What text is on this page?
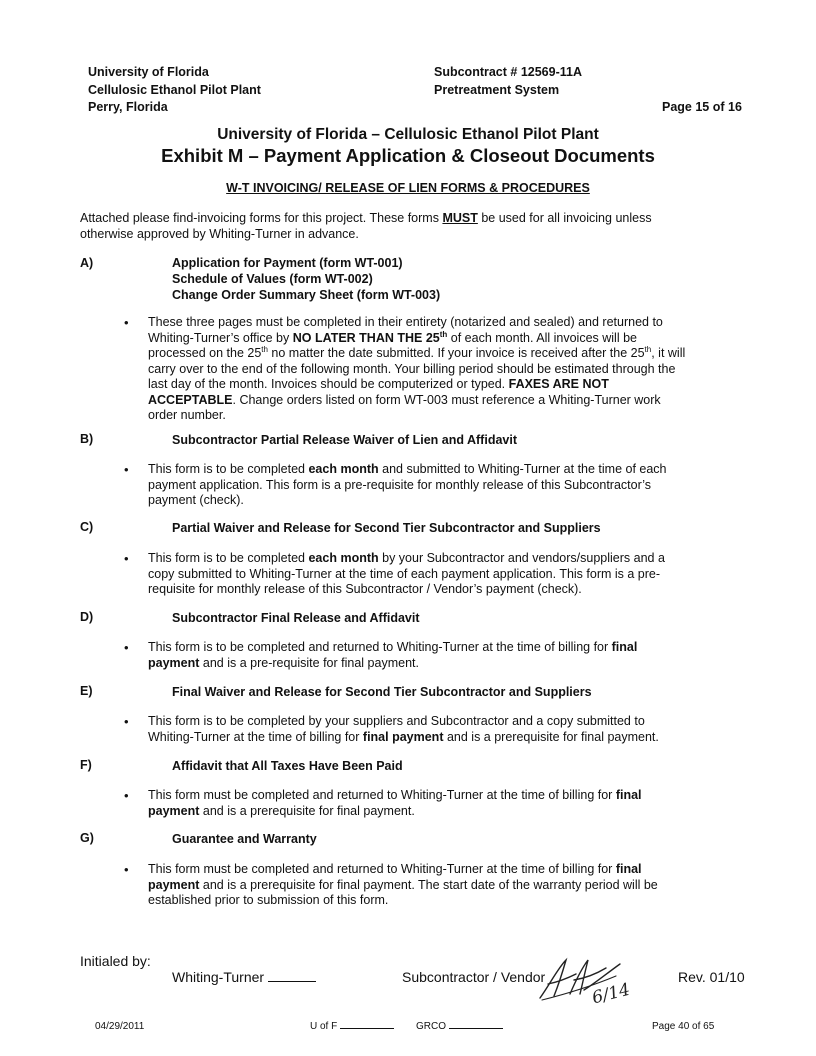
University of Florida
Cellulosic Ethanol Pilot Plant
Perry, Florida
Subcontract # 12569-11A
Pretreatment System
Page 15 of 16
University of Florida – Cellulosic Ethanol Pilot Plant
Exhibit M – Payment Application & Closeout Documents
W-T INVOICING/ RELEASE OF LIEN FORMS & PROCEDURES
Attached please find-invoicing forms for this project. These forms MUST be used for all invoicing unless otherwise approved by Whiting-Turner in advance.
A)	Application for Payment (form WT-001)
Schedule of Values (form WT-002)
Change Order Summary Sheet (form WT-003)
• These three pages must be completed in their entirety (notarized and sealed) and returned to Whiting-Turner’s office by NO LATER THAN THE 25th of each month. All invoices will be processed on the 25th no matter the date submitted. If your invoice is received after the 25th, it will carry over to the end of the following month. Your billing period should be estimated through the last day of the month. Invoices should be computerized or typed. FAXES ARE NOT ACCEPTABLE. Change orders listed on form WT-003 must reference a Whiting-Turner work order number.
B)	Subcontractor Partial Release Waiver of Lien and Affidavit
• This form is to be completed each month and submitted to Whiting-Turner at the time of each payment application. This form is a pre-requisite for monthly release of this Subcontractor’s payment (check).
C)	Partial Waiver and Release for Second Tier Subcontractor and Suppliers
• This form is to be completed each month by your Subcontractor and vendors/suppliers and a copy submitted to Whiting-Turner at the time of each payment application. This form is a pre-requisite for monthly release of this Subcontractor / Vendor’s payment (check).
D)	Subcontractor Final Release and Affidavit
• This form is to be completed and returned to Whiting-Turner at the time of billing for final payment and is a pre-requisite for final payment.
E)	Final Waiver and Release for Second Tier Subcontractor and Suppliers
• This form is to be completed by your suppliers and Subcontractor and a copy submitted to Whiting-Turner at the time of billing for final payment and is a prerequisite for final payment.
F)	Affidavit that All Taxes Have Been Paid
• This form must be completed and returned to Whiting-Turner at the time of billing for final payment and is a prerequisite for final payment.
G)	Guarantee and Warranty
• This form must be completed and returned to Whiting-Turner at the time of billing for final payment and is a prerequisite for final payment. The start date of the warranty period will be established prior to submission of this form.
Initialed by:
Whiting-Turner	Subcontractor / Vendor
6/14
Rev. 01/10
04/29/2011	U of F	GRCO	Page 40 of 65
